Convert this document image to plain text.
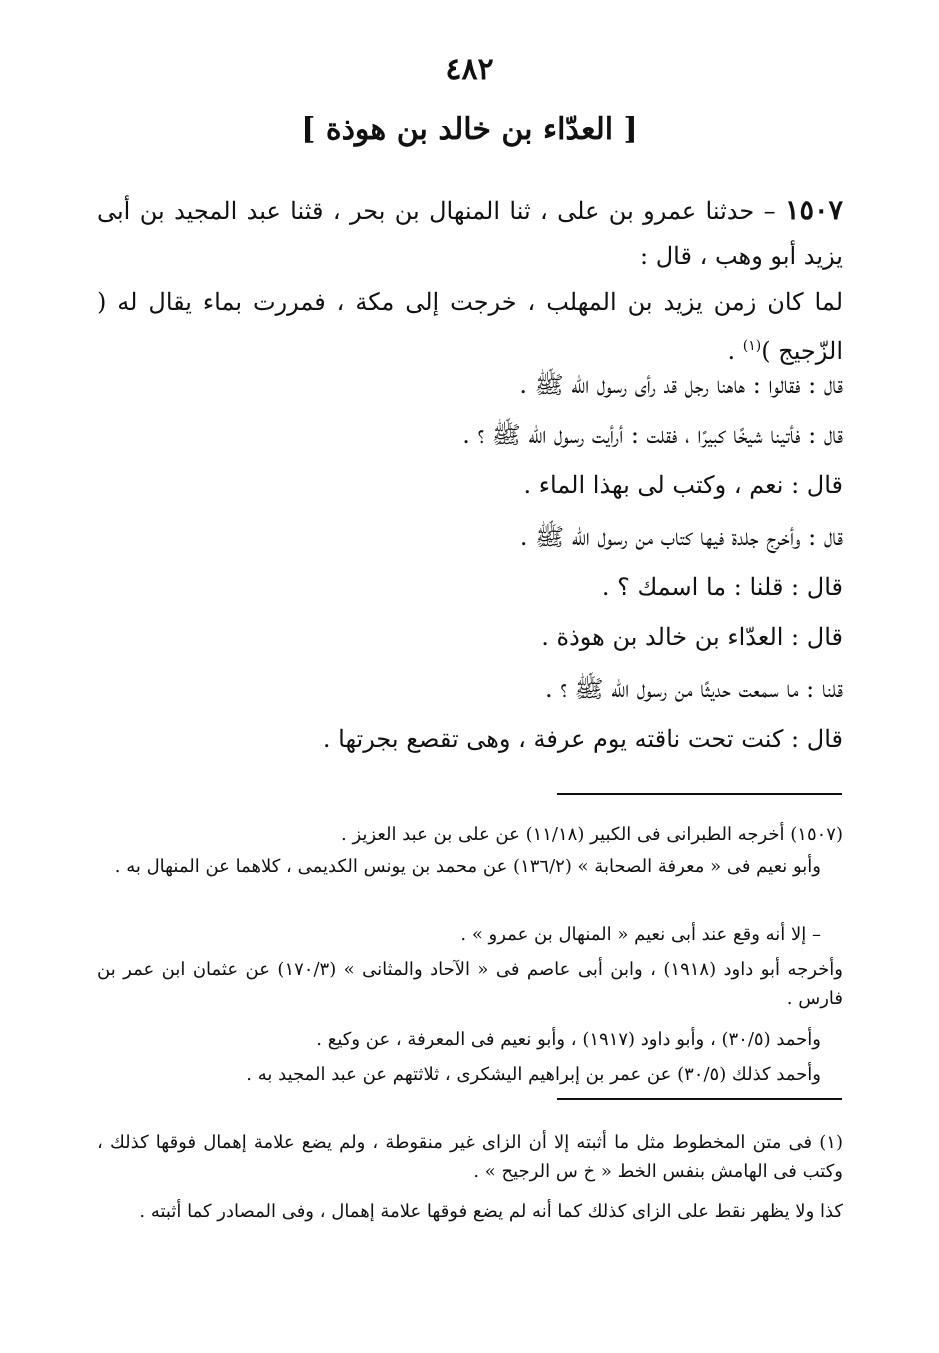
٤٨٢
[ العدّاء بن خالد بن هوذة ]
١٥٠٧ – حدثنا عمرو بن على ، ثنا المنهال بن بحر ، قثنا عبد المجيد بن أبى يزيد أبو وهب ، قال :
لما كان زمن يزيد بن المهلب ، خرجت إلى مكة ، فمررت بماء يقال له ( الزّجيج )$^{(١)}$ .
قال : فقالوا : هاهنا رجل قد رأى رسول الله ﷺ .
قال : فأتينا شيخًا كبيرًا ، فقلت : أرأيت رسول الله ﷺ ؟ .
قال : نعم ، وكتب لى بهذا الماء .
قال : وأخرج جلدة فيها كتاب من رسول الله ﷺ .
قال : قلنا : ما اسمك ؟ .
قال : العدّاء بن خالد بن هوذة .
قلنا : ما سمعت حديثًا من رسول الله ﷺ ؟ .
قال : كنت تحت ناقته يوم عرفة ، وهى تقصع بجرتها .
(١٥٠٧) أخرجه الطبرانى فى الكبير (١١/١٨) عن على بن عبد العزيز .
وأبو نعيم فى « معرفة الصحابة » (١٣٦/٢) عن محمد بن يونس الكديمى ، كلاهما عن المنهال به .
– إلا أنه وقع عند أبى نعيم « المنهال بن عمرو » .
وأخرجه أبو داود (١٩١٨) ، وابن أبى عاصم فى « الآحاد والمثانى » (١٧٠/٣) عن عثمان ابن عمر بن فارس .
وأحمد (٣٠/٥) ، وأبو داود (١٩١٧) ، وأبو نعيم فى المعرفة ، عن وكيع .
وأحمد كذلك (٣٠/٥) عن عمر بن إبراهيم اليشكرى ، ثلاثتهم عن عبد المجيد به .
(١) فى متن المخطوط مثل ما أثبته إلا أن الزاى غير منقوطة ، ولم يضع علامة إهمال فوقها كذلك ، وكتب فى الهامش بنفس الخط « خ س الرجيح » .
كذا ولا يظهر نقط على الزاى كذلك كما أنه لم يضع فوقها علامة إهمال ، وفى المصادر كما أثبته .
